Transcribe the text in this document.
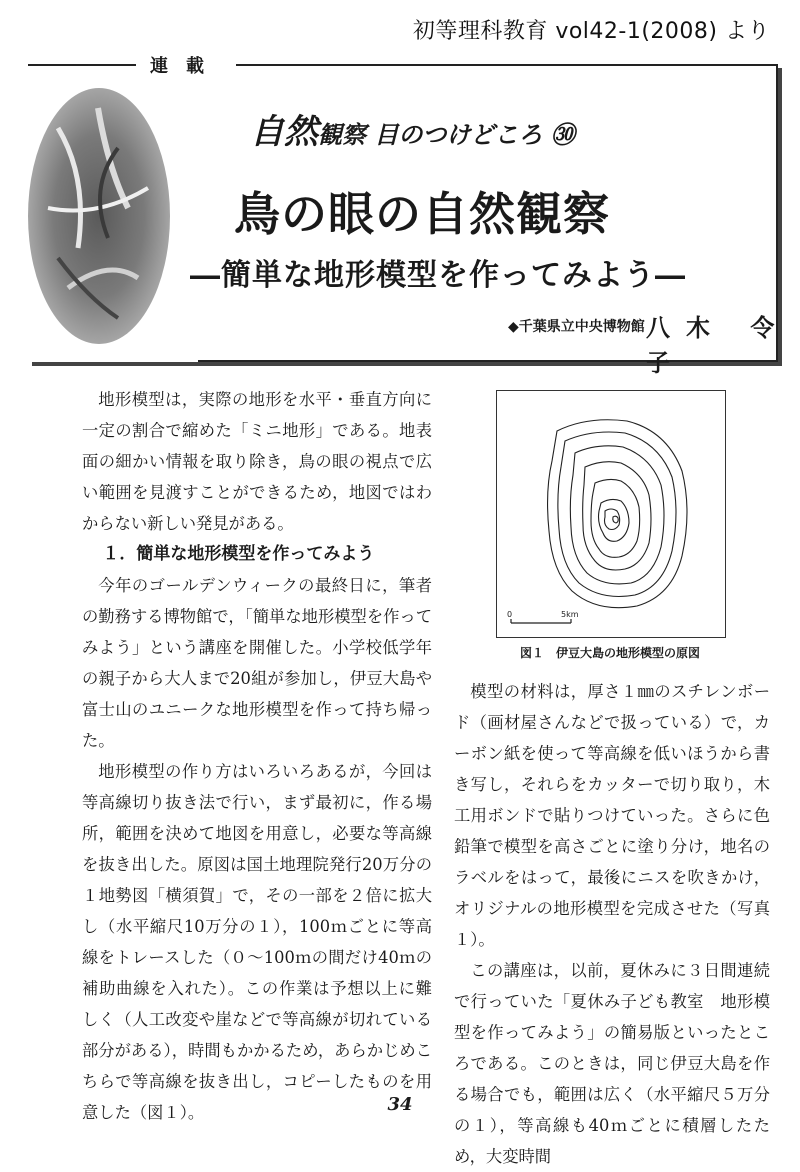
初等理科教育 vol42-1(2008) より
連載
自然観察 目のつけどころ ㉚
鳥の眼の自然観察
―簡単な地形模型を作ってみよう―
◆千葉県立中央博物館 八木 令子

地形模型は，実際の地形を水平・垂直方向に一定の割合で縮めた「ミニ地形」である。地表面の細かい情報を取り除き，鳥の眼の視点で広い範囲を見渡すことができるため，地図ではわからない新しい発見がある。

１．簡単な地形模型を作ってみよう

今年のゴールデンウィークの最終日に，筆者の勤務する博物館で，「簡単な地形模型を作ってみよう」という講座を開催した。小学校低学年の親子から大人まで20組が参加し，伊豆大島や富士山のユニークな地形模型を作って持ち帰った。

地形模型の作り方はいろいろあるが，今回は等高線切り抜き法で行い，まず最初に，作る場所，範囲を決めて地図を用意し，必要な等高線を抜き出した。原図は国土地理院発行20万分の１地勢図「横須賀」で，その一部を２倍に拡大し（水平縮尺10万分の１），100ｍごとに等高線をトレースした（０～100ｍの間だけ40ｍの補助曲線を入れた）。この作業は予想以上に難しく（人工改変や崖などで等高線が切れている部分がある），時間もかかるため，あらかじめこちらで等高線を抜き出し，コピーしたものを用意した（図１）。

0	5km
図１　伊豆大島の地形模型の原図

模型の材料は，厚さ１㎜のスチレンボード（画材屋さんなどで扱っている）で，カーボン紙を使って等高線を低いほうから書き写し，それらをカッターで切り取り，木工用ボンドで貼りつけていった。さらに色鉛筆で模型を高さごとに塗り分け，地名のラベルをはって，最後にニスを吹きかけ，オリジナルの地形模型を完成させた（写真１）。

この講座は，以前，夏休みに３日間連続で行っていた「夏休み子ども教室　地形模型を作ってみよう」の簡易版といったところである。このときは，同じ伊豆大島を作る場合でも，範囲は広く（水平縮尺５万分の１），等高線も40ｍごとに積層したため，大変時間

34
